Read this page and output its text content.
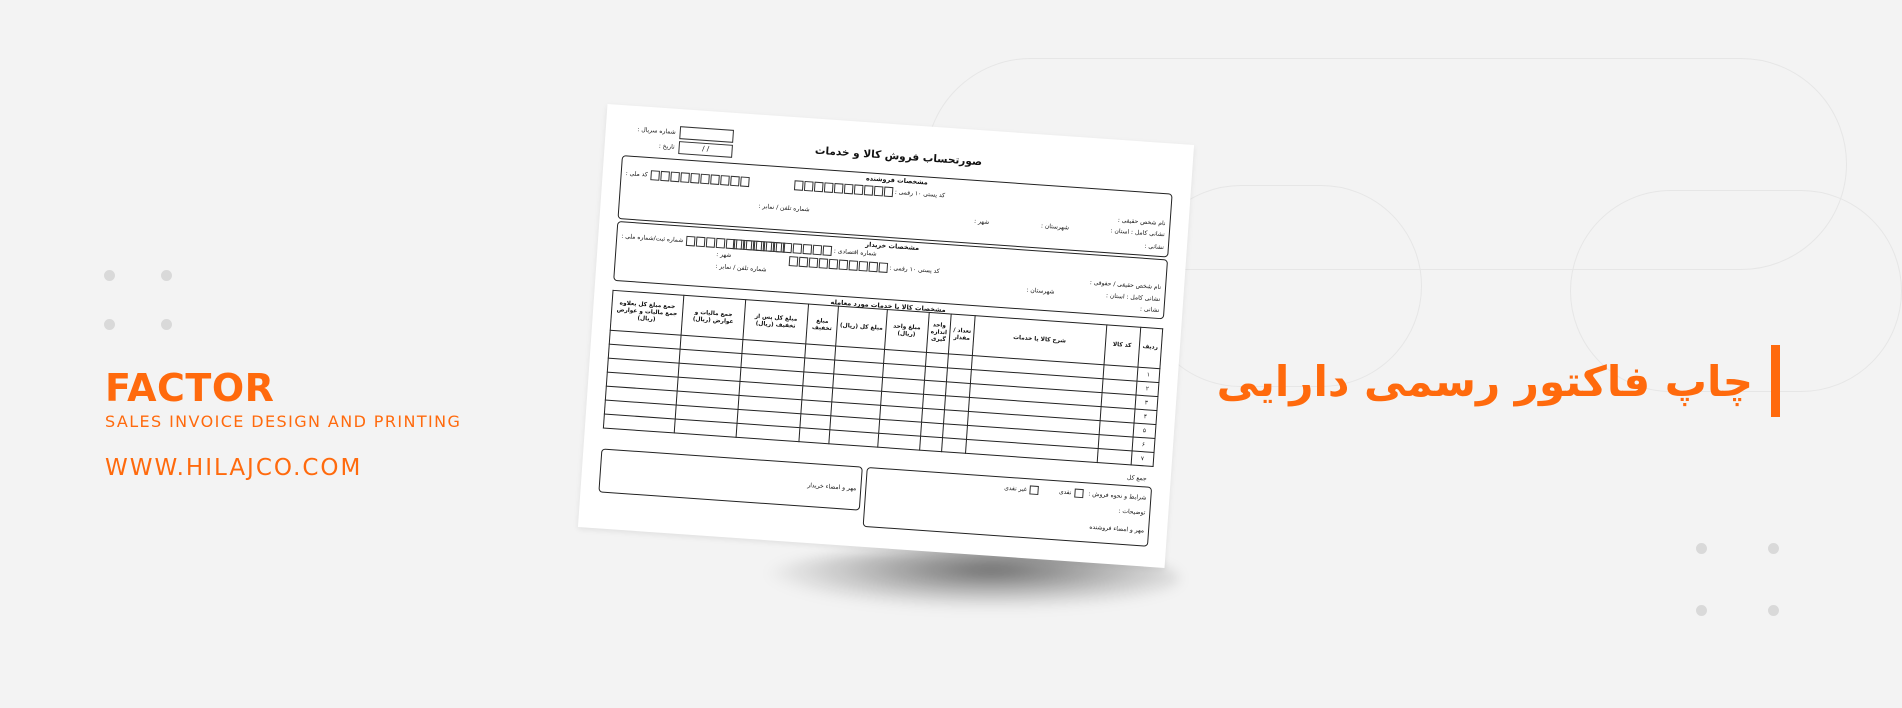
FACTOR
SALES INVOICE DESIGN AND PRINTING
WWW.HILAJCO.COM
چاپ فاکتور رسمی دارایی
شماره سریال :
/ /
تاریخ :	صورتحساب فروش کالا و خدمات
مشخصات فروشنده
کد ملی :
کد پستی ۱۰ رقمی :
نام شخص حقیقی :
نشانی کامل : استان :
شهرستان :
شهر :
شماره تلفن / نمابر :
نشانی :
مشخصات خریدار
شماره ثبت/شماره ملی :
شماره اقتصادی :
کد پستی ۱۰ رقمی :
شهر :
شماره تلفن / نمابر :
نام شخص حقیقی / حقوقی :
نشانی کامل : استان :
شهرستان :
نشانی :
مشخصات کالا یا خدمات مورد معامله
ردیف	کد کالا	شرح کالا یا خدمات	تعداد / مقدار	واحد اندازه گیری	مبلغ واحد (ریال)	مبلغ کل (ریال)	مبلغ تخفیف	مبلغ کل پس از تخفیف (ریال)	جمع مالیات و عوارض (ریال)	جمع مبلغ کل بعلاوه جمع مالیات و عوارض (ریال)
۱										
۲										
۳										
۴										
۵										
۶										
۷										
جمع کل
شرایط و نحوه فروش : نقدی         غیر نقدی
توضیحات :
مهر و امضاء فروشنده
مهر و امضاء خریدار
